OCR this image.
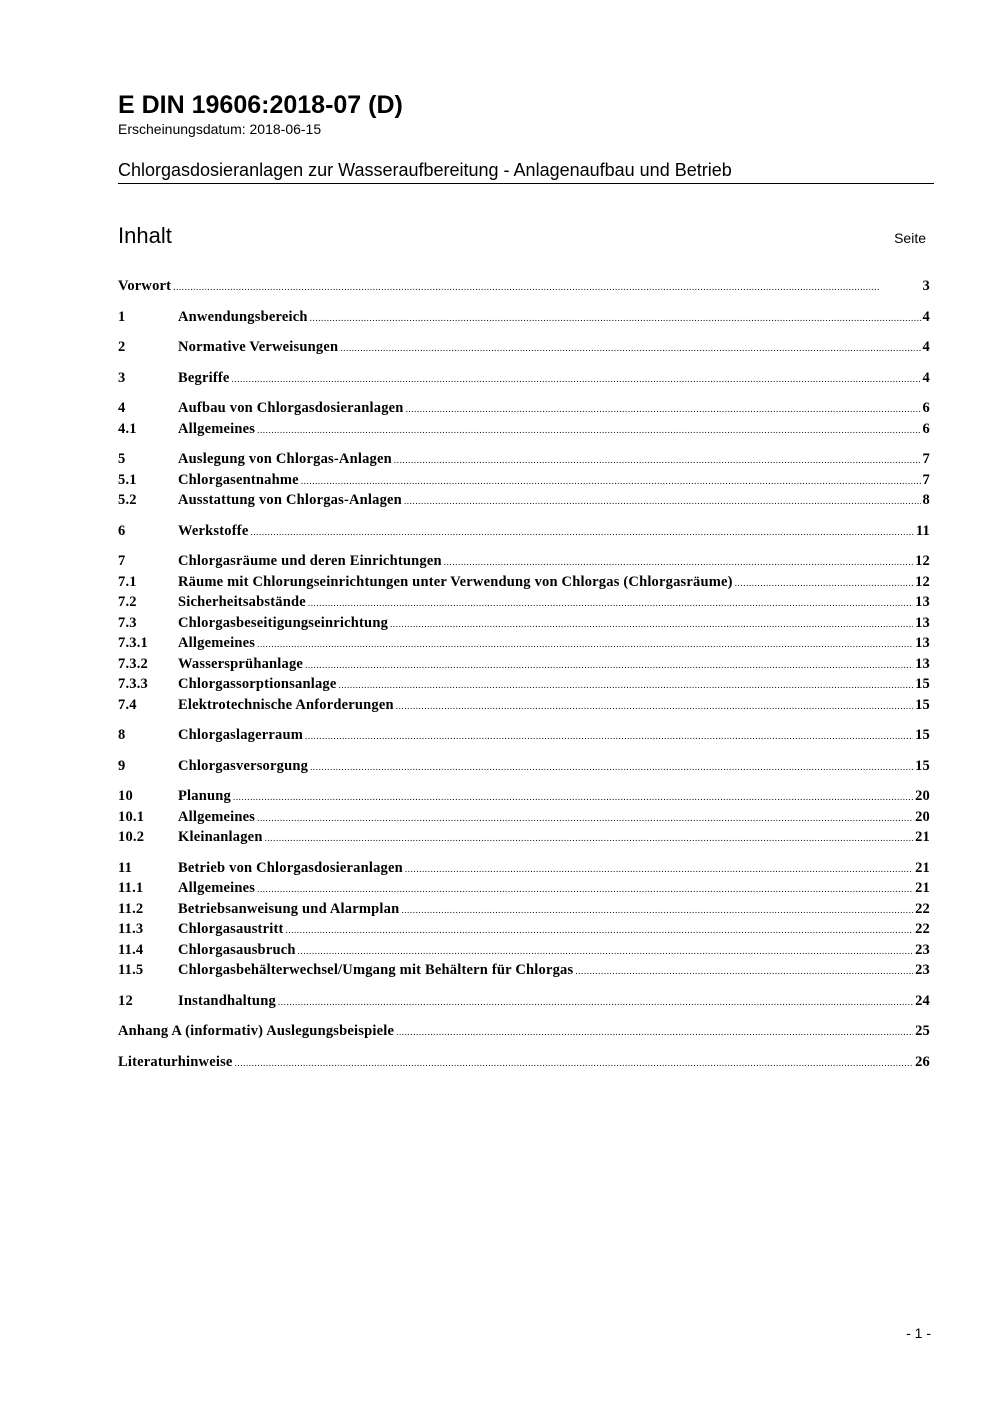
E DIN 19606:2018-07 (D)
Erscheinungsdatum: 2018-06-15
Chlorgasdosieranlagen zur Wasseraufbereitung - Anlagenaufbau und Betrieb
Inhalt	Seite
Vorwort .....	3
1	Anwendungsbereich .....	4
2	Normative Verweisungen .....	4
3	Begriffe .....	4
4	Aufbau von Chlorgasdosieranlagen .....	6
4.1	Allgemeines .....	6
5	Auslegung von Chlorgas-Anlagen .....	7
5.1	Chlorgasentnahme .....	7
5.2	Ausstattung von Chlorgas-Anlagen .....	8
6	Werkstoffe .....	11
7	Chlorgasräume und deren Einrichtungen .....	12
7.1	Räume mit Chlorungseinrichtungen unter Verwendung von Chlorgas (Chlorgasräume) .....	12
7.2	Sicherheitsabstände .....	13
7.3	Chlorgasbeseitigungseinrichtung .....	13
7.3.1	Allgemeines .....	13
7.3.2	Wassersprühanlage .....	13
7.3.3	Chlorgassorptionsanlage .....	15
7.4	Elektrotechnische Anforderungen .....	15
8	Chlorgaslagerraum .....	15
9	Chlorgasversorgung .....	15
10	Planung .....	20
10.1	Allgemeines .....	20
10.2	Kleinanlagen .....	21
11	Betrieb von Chlorgasdosieranlagen .....	21
11.1	Allgemeines .....	21
11.2	Betriebsanweisung und Alarmplan .....	22
11.3	Chlorgasaustritt .....	22
11.4	Chlorgasausbruch .....	23
11.5	Chlorgasbehälterwechsel/Umgang mit Behältern für Chlorgas .....	23
12	Instandhaltung .....	24
Anhang A (informativ) Auslegungsbeispiele .....	25
Literaturhinweise .....	26
- 1 -
